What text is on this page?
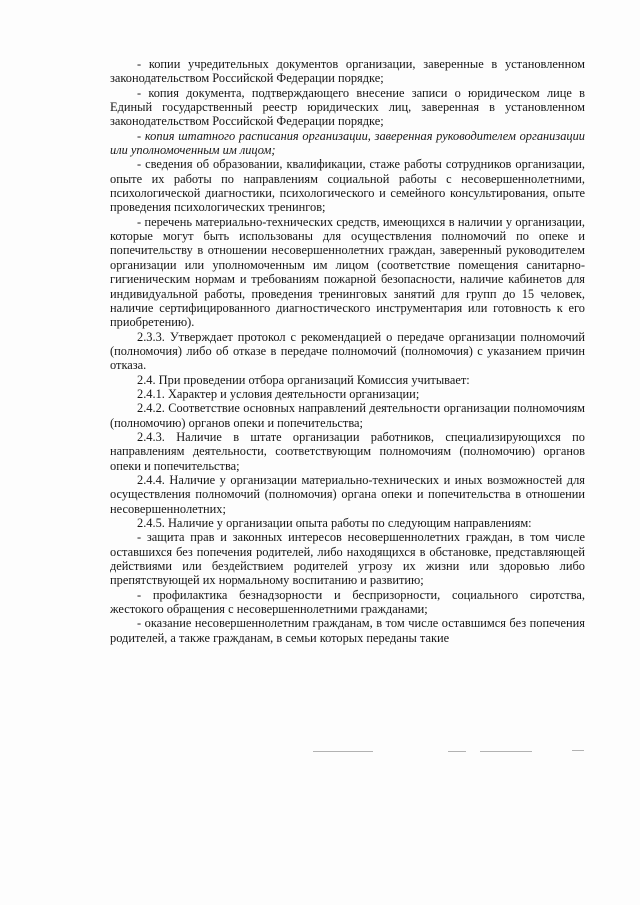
- копии учредительных документов организации, заверенные в установленном законодательством Российской Федерации порядке;

- копия документа, подтверждающего внесение записи о юридическом лице в Единый государственный реестр юридических лиц, заверенная в установленном законодательством Российской Федерации порядке;

- копия штатного расписания организации, заверенная руководителем организации или уполномоченным им лицом;

- сведения об образовании, квалификации, стаже работы сотрудников организации, опыте их работы по направлениям социальной работы с несовершеннолетними, психологической диагностики, психологического и семейного консультирования, опыте проведения психологических тренингов;

- перечень материально-технических средств, имеющихся в наличии у организации, которые могут быть использованы для осуществления полномочий по опеке и попечительству в отношении несовершеннолетних граждан, заверенный руководителем организации или уполномоченным им лицом (соответствие помещения санитарно-гигиеническим нормам и требованиям пожарной безопасности, наличие кабинетов для индивидуальной работы, проведения тренинговых занятий для групп до 15 человек, наличие сертифицированного диагностического инструментария или готовность к его приобретению).

2.3.3. Утверждает протокол с рекомендацией о передаче организации полномочий (полномочия) либо об отказе в передаче полномочий (полномочия) с указанием причин отказа.

2.4. При проведении отбора организаций Комиссия учитывает:

2.4.1. Характер и условия деятельности организации;

2.4.2. Соответствие основных направлений деятельности организации полномочиям (полномочию) органов опеки и попечительства;

2.4.3. Наличие в штате организации работников, специализирующихся по направлениям деятельности, соответствующим полномочиям (полномочию) органов опеки и попечительства;

2.4.4. Наличие у организации материально-технических и иных возможностей для осуществления полномочий (полномочия) органа опеки и попечительства в отношении несовершеннолетних;

2.4.5. Наличие у организации опыта работы по следующим направлениям:

- защита прав и законных интересов несовершеннолетних граждан, в том числе оставшихся без попечения родителей, либо находящихся в обстановке, представляющей действиями или бездействием родителей угрозу их жизни или здоровью либо препятствующей их нормальному воспитанию и развитию;

- профилактика безнадзорности и беспризорности, социального сиротства, жестокого обращения с несовершеннолетними гражданами;

- оказание несовершеннолетним гражданам, в том числе оставшимся без попечения родителей, а также гражданам, в семьи которых переданы такие
